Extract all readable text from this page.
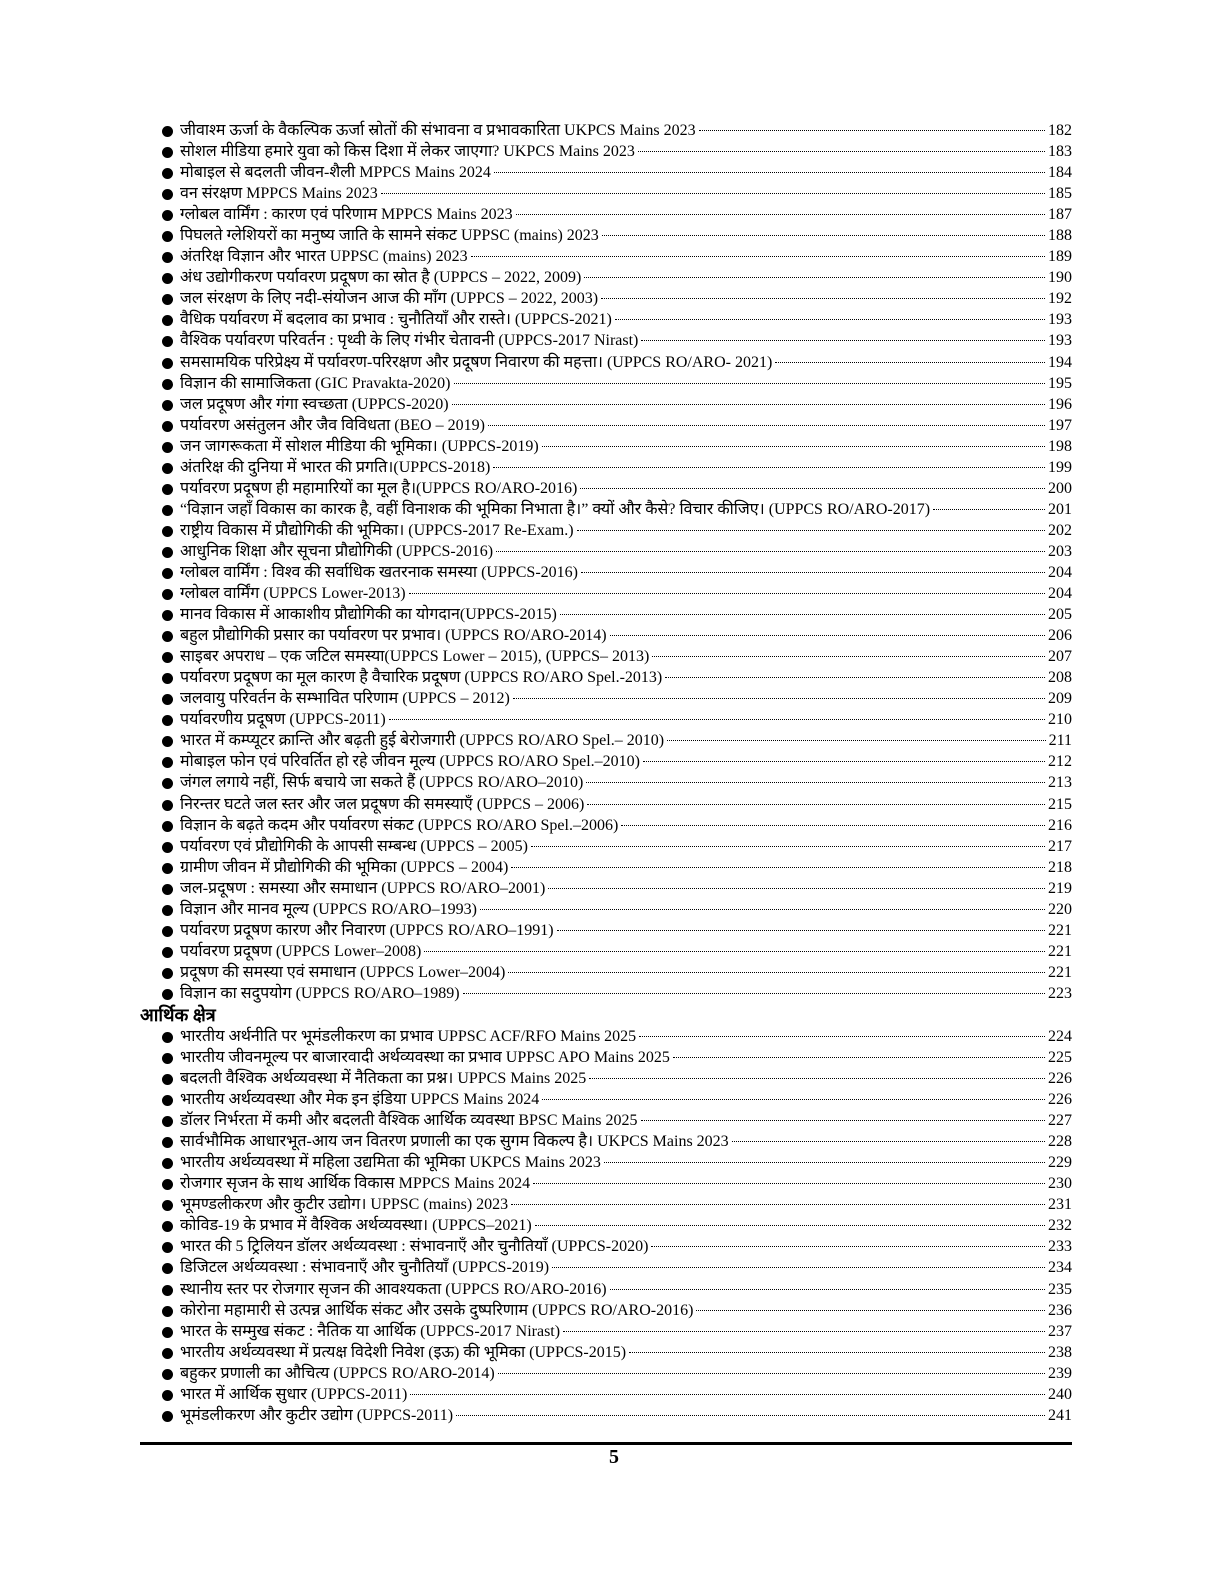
जीवाश्म ऊर्जा के वैकल्पिक ऊर्जा स्रोतों की संभावना व प्रभावकारिता UKPCS Mains 2023	182
सोशल मीडिया हमारे युवा को किस दिशा में लेकर जाएगा? UKPCS Mains 2023	183
मोबाइल से बदलती जीवन-शैली MPPCS Mains 2024	184
वन संरक्षण MPPCS Mains 2023	185
ग्लोबल वार्मिंग : कारण एवं परिणाम MPPCS Mains 2023	187
पिघलते ग्लेशियरों का मनुष्य जाति के सामने संकट UPPSC (mains) 2023	188
अंतरिक्ष विज्ञान और भारत UPPSC (mains) 2023	189
अंध उद्योगीकरण पर्यावरण प्रदूषण का स्रोत है (UPPCS – 2022, 2009)	190
जल संरक्षण के लिए नदी-संयोजन आज की माँग (UPPCS – 2022, 2003)	192
वैधिक पर्यावरण में बदलाव का प्रभाव : चुनौतियाँ और रास्ते। (UPPCS-2021)	193
वैश्विक पर्यावरण परिवर्तन : पृथ्वी के लिए गंभीर चेतावनी (UPPCS-2017 Nirast)	193
समसामयिक परिप्रेक्ष्य में पर्यावरण-परिरक्षण और प्रदूषण निवारण की महत्ता। (UPPCS RO/ARO- 2021)	194
विज्ञान की सामाजिकता (GIC Pravakta-2020)	195
जल प्रदूषण और गंगा स्वच्छता (UPPCS-2020)	196
पर्यावरण असंतुलन और जैव विविधता (BEO – 2019)	197
जन जागरूकता में सोशल मीडिया की भूमिका। (UPPCS-2019)	198
अंतरिक्ष की दुनिया में भारत की प्रगति।(UPPCS-2018)	199
पर्यावरण प्रदूषण ही महामारियों का मूल है।(UPPCS RO/ARO-2016)	200
“विज्ञान जहाँ विकास का कारक है, वहीं विनाशक की भूमिका निभाता है।” क्यों और कैसे? विचार कीजिए। (UPPCS RO/ARO-2017)	201
राष्ट्रीय विकास में प्रौद्योगिकी की भूमिका। (UPPCS-2017 Re-Exam.)	202
आधुनिक शिक्षा और सूचना प्रौद्योगिकी (UPPCS-2016)	203
ग्लोबल वार्मिंग : विश्व की सर्वाधिक खतरनाक समस्या (UPPCS-2016)	204
ग्लोबल वार्मिंग (UPPCS Lower-2013)	204
मानव विकास में आकाशीय प्रौद्योगिकी का योगदान(UPPCS-2015)	205
बहुल प्रौद्योगिकी प्रसार का पर्यावरण पर प्रभाव। (UPPCS RO/ARO-2014)	206
साइबर अपराध – एक जटिल समस्या(UPPCS Lower – 2015), (UPPCS– 2013)	207
पर्यावरण प्रदूषण का मूल कारण है वैचारिक प्रदूषण (UPPCS RO/ARO Spel.-2013)	208
जलवायु परिवर्तन के सम्भावित परिणाम (UPPCS – 2012)	209
पर्यावरणीय प्रदूषण (UPPCS-2011)	210
भारत में कम्प्यूटर क्रान्ति और बढ़ती हुई बेरोजगारी (UPPCS RO/ARO Spel.– 2010)	211
मोबाइल फोन एवं परिवर्तित हो रहे जीवन मूल्य (UPPCS RO/ARO Spel.–2010)	212
जंगल लगाये नहीं, सिर्फ बचाये जा सकते हैं (UPPCS RO/ARO–2010)	213
निरन्तर घटते जल स्तर और जल प्रदूषण की समस्याएँ (UPPCS – 2006)	215
विज्ञान के बढ़ते कदम और पर्यावरण संकट (UPPCS RO/ARO Spel.–2006)	216
पर्यावरण एवं प्रौद्योगिकी के आपसी सम्बन्ध (UPPCS – 2005)	217
ग्रामीण जीवन में प्रौद्योगिकी की भूमिका (UPPCS – 2004)	218
जल-प्रदूषण : समस्या और समाधान (UPPCS RO/ARO–2001)	219
विज्ञान और मानव मूल्य (UPPCS RO/ARO–1993)	220
पर्यावरण प्रदूषण कारण और निवारण (UPPCS RO/ARO–1991)	221
पर्यावरण प्रदूषण (UPPCS Lower–2008)	221
प्रदूषण की समस्या एवं समाधान (UPPCS Lower–2004)	221
विज्ञान का सदुपयोग (UPPCS RO/ARO–1989)	223
आर्थिक क्षेत्र
भारतीय अर्थनीति पर भूमंडलीकरण का प्रभाव UPPSC ACF/RFO Mains 2025	224
भारतीय जीवनमूल्य पर बाजारवादी अर्थव्यवस्था का प्रभाव UPPSC APO Mains 2025	225
बदलती वैश्विक अर्थव्यवस्था में नैतिकता का प्रश्न। UPPCS Mains 2025	226
भारतीय अर्थव्यवस्था और मेक इन इंडिया UPPCS Mains 2024	226
डॉलर निर्भरता में कमी और बदलती वैश्विक आर्थिक व्यवस्था BPSC Mains 2025	227
सार्वभौमिक आधारभूत-आय जन वितरण प्रणाली का एक सुगम विकल्प है। UKPCS Mains 2023	228
भारतीय अर्थव्यवस्था में महिला उद्यमिता की भूमिका UKPCS Mains 2023	229
रोजगार सृजन के साथ आर्थिक विकास MPPCS Mains 2024	230
भूमण्डलीकरण और कुटीर उद्योग। UPPSC (mains) 2023	231
कोविड-19 के प्रभाव में वैश्विक अर्थव्यवस्था। (UPPCS–2021)	232
भारत की 5 ट्रिलियन डॉलर अर्थव्यवस्था : संभावनाएँ और चुनौतियाँ (UPPCS-2020)	233
डिजिटल अर्थव्यवस्था : संभावनाएँ और चुनौतियाँ (UPPCS-2019)	234
स्थानीय स्तर पर रोजगार सृजन की आवश्यकता (UPPCS RO/ARO-2016)	235
कोरोना महामारी से उत्पन्न आर्थिक संकट और उसके दुष्परिणाम (UPPCS RO/ARO-2016)	236
भारत के सम्मुख संकट : नैतिक या आर्थिक (UPPCS-2017 Nirast)	237
भारतीय अर्थव्यवस्था में प्रत्यक्ष विदेशी निवेश (इऊ) की भूमिका (UPPCS-2015)	238
बहुकर प्रणाली का औचित्य (UPPCS RO/ARO-2014)	239
भारत में आर्थिक सुधार (UPPCS-2011)	240
भूमंडलीकरण और कुटीर उद्योग (UPPCS-2011)	241
5
